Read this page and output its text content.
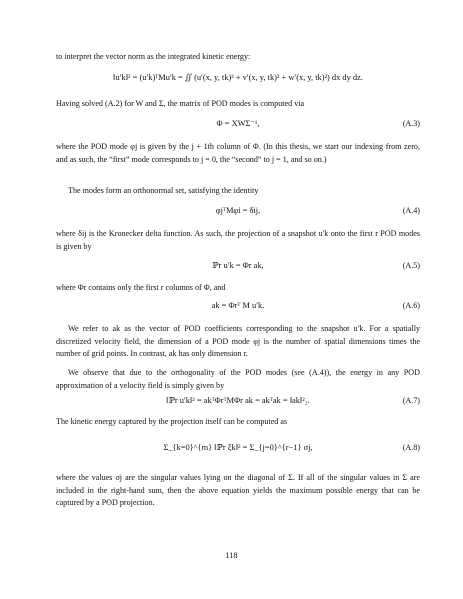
to interpret the vector norm as the integrated kinetic energy:
‖u′k‖² = (u′k)ᵀMu′k = ∬ (u′(x, y, tk)² + v′(x, y, tk)² + w′(x, y, tk)²) dx dy dz.
Having solved (A.2) for W and Σ, the matrix of POD modes is computed via
Φ = XWΣ⁻¹,	(A.3)
where the POD mode φj is given by the j + 1th column of Φ. (In this thesis, we start our indexing from zero, and as such, the “first” mode corresponds to j = 0, the “second” to j = 1, and so on.)
The modes form an orthonormal set, satisfying the identity
φjᵀMφi = δij,	(A.4)
where δij is the Kronecker delta function. As such, the projection of a snapshot u′k onto the first r POD modes is given by
ℙr u′k = Φr ak,	(A.5)
where Φr contains only the first r columns of Φ, and
ak = Φrᵀ M u′k.	(A.6)
We refer to ak as the vector of POD coefficients corresponding to the snapshot u′k. For a spatially discretized velocity field, the dimension of a POD mode φj is the number of spatial dimensions times the number of grid points. In contrast, ak has only dimension r.
We observe that due to the orthogonality of the POD modes (see (A.4)), the energy in any POD approximation of a velocity field is simply given by
‖ℙr u′k‖² = akᵀΦrᵀMΦr ak = akᵀak = ‖ak‖²₂.	(A.7)
The kinetic energy captured by the projection itself can be computed as
Σ_{k=0}^{m} ‖ℙr ξk‖² = Σ_{j=0}^{r−1} σj,	(A.8)
where the values σj are the singular values lying on the diagonal of Σ. If all of the singular values in Σ are included in the right-hand sum, then the above equation yields the maximum possible energy that can be captured by a POD projection.
118
